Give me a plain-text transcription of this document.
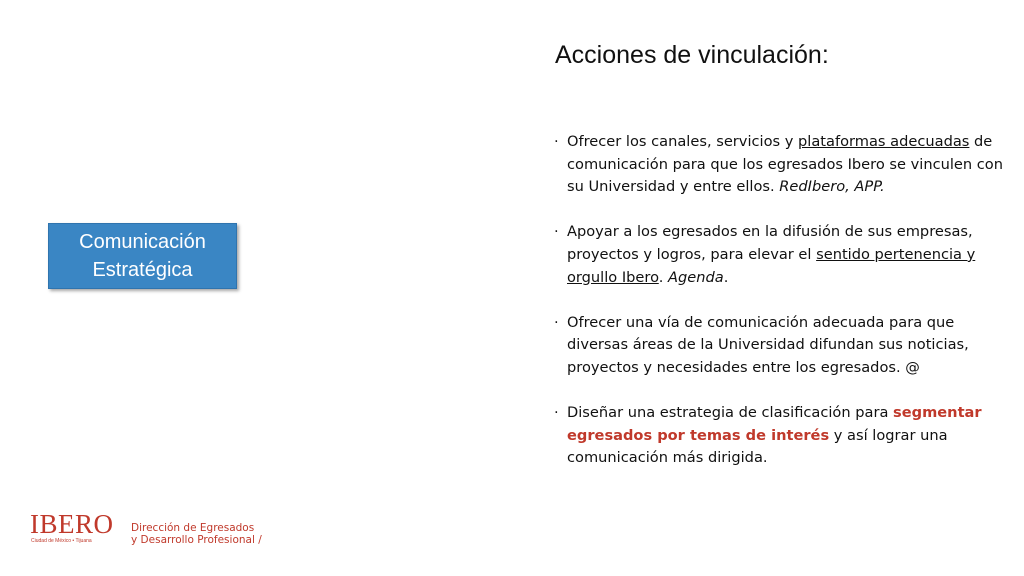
Acciones de vinculación:
Comunicación
Estratégica
· Ofrecer los canales, servicios y plataformas adecuadas de comunicación para que los egresados Ibero se vinculen con su Universidad y entre ellos. RedIbero, APP.
· Apoyar a los egresados en la difusión de sus empresas, proyectos y logros, para elevar el sentido pertenencia y orgullo Ibero. Agenda.
· Ofrecer una vía de comunicación adecuada para que diversas áreas de la Universidad difundan sus noticias, proyectos y necesidades entre los egresados. @
· Diseñar una estrategia de clasificación para segmentar egresados por temas de interés y así lograr una comunicación más dirigida.
IBERO
Ciudad de México • Tijuana
Dirección de Egresados
y Desarrollo Profesional /
